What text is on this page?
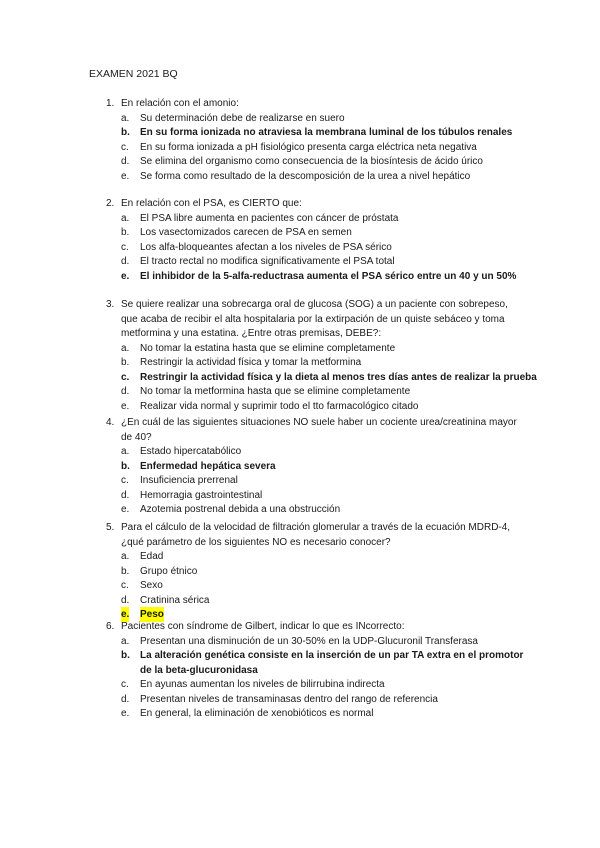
EXAMEN 2021 BQ
1. En relación con el amonio:
a. Su determinación debe de realizarse en suero
b. En su forma ionizada no atraviesa la membrana luminal de los túbulos renales
c. En su forma ionizada a pH fisiológico presenta carga eléctrica neta negativa
d. Se elimina del organismo como consecuencia de la biosíntesis de ácido úrico
e. Se forma como resultado de la descomposición de la urea a nivel hepático
2. En relación con el PSA, es CIERTO que:
a. El PSA libre aumenta en pacientes con cáncer de próstata
b. Los vasectomizados carecen de PSA en semen
c. Los alfa-bloqueantes afectan a los niveles de PSA sérico
d. El tracto rectal no modifica significativamente el PSA total
e. El inhibidor de la 5-alfa-reductrasa aumenta el PSA sérico entre un 40 y un 50%
3. Se quiere realizar una sobrecarga oral de glucosa (SOG) a un paciente con sobrepeso,
que acaba de recibir el alta hospitalaria por la extirpación de un quiste sebáceo y toma
metformina y una estatina. ¿Entre otras premisas, DEBE?:
a. No tomar la estatina hasta que se elimine completamente
b. Restringir la actividad física y tomar la metformina
c. Restringir la actividad física y la dieta al menos tres días antes de realizar la prueba
d. No tomar la metformina hasta que se elimine completamente
e. Realizar vida normal y suprimir todo el tto farmacológico citado
4. ¿En cuál de las siguientes situaciones NO suele haber un cociente urea/creatinina mayor
de 40?
a. Estado hipercatabólico
b. Enfermedad hepática severa
c. Insuficiencia prerrenal
d. Hemorragia gastrointestinal
e. Azotemia postrenal debida a una obstrucción
5. Para el cálculo de la velocidad de filtración glomerular a través de la ecuación MDRD-4,
¿qué parámetro de los siguientes NO es necesario conocer?
a. Edad
b. Grupo étnico
c. Sexo
d. Cratinina sérica
e. Peso
6. Pacientes con síndrome de Gilbert, indicar lo que es INcorrecto:
a. Presentan una disminución de un 30-50% en la UDP-Glucuronil Transferasa
b. La alteración genética consiste en la inserción de un par TA extra en el promotor
de la beta-glucuronidasa
c. En ayunas aumentan los niveles de bilirrubina indirecta
d. Presentan niveles de transaminasas dentro del rango de referencia
e. En general, la eliminación de xenobióticos es normal
